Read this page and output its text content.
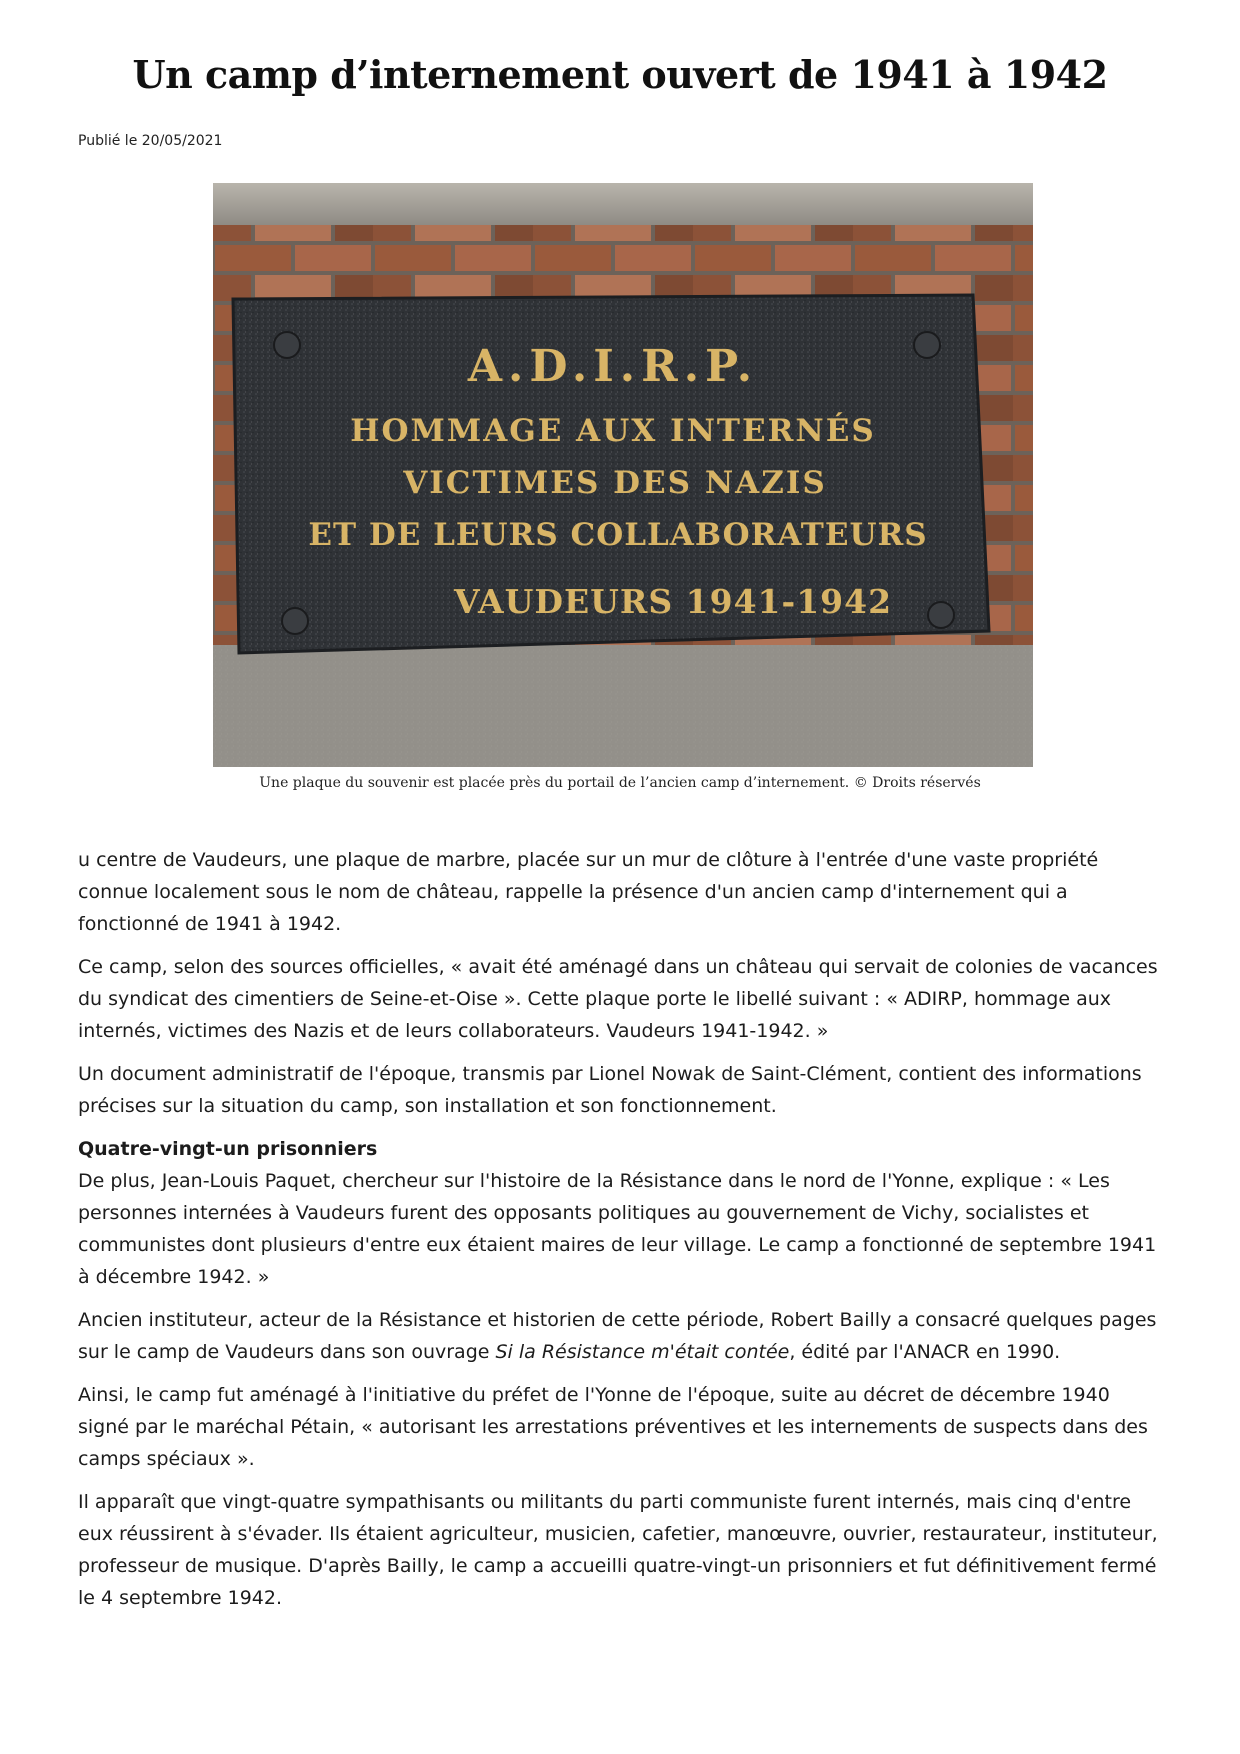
Un camp d’internement ouvert de 1941 à 1942
Publié le 20/05/2021
A.D.I.R.P.
HOMMAGE AUX INTERNÉS
VICTIMES DES NAZIS
ET DE LEURS COLLABORATEURS
VAUDEURS 1941-1942
Une plaque du souvenir est placée près du portail de l’ancien camp d’internement. © Droits réservés

u centre de Vaudeurs, une plaque de marbre, placée sur un mur de clôture à l'entrée d'une vaste propriété connue localement sous le nom de château, rappelle la présence d'un ancien camp d'internement qui a fonctionné de 1941 à 1942.

Ce camp, selon des sources officielles, « avait été aménagé dans un château qui servait de colonies de vacances du syndicat des cimentiers de Seine-et-Oise ». Cette plaque porte le libellé suivant : « ADIRP, hommage aux internés, victimes des Nazis et de leurs collaborateurs. Vaudeurs 1941-1942. »

Un document administratif de l'époque, transmis par Lionel Nowak de Saint-Clément, contient des informations précises sur la situation du camp, son installation et son fonctionnement.

Quatre-vingt-un prisonniers

De plus, Jean-Louis Paquet, chercheur sur l'histoire de la Résistance dans le nord de l'Yonne, explique : « Les personnes internées à Vaudeurs furent des opposants politiques au gouvernement de Vichy, socialistes et communistes dont plusieurs d'entre eux étaient maires de leur village. Le camp a fonctionné de septembre 1941 à décembre 1942. »

Ancien instituteur, acteur de la Résistance et historien de cette période, Robert Bailly a consacré quelques pages sur le camp de Vaudeurs dans son ouvrage Si la Résistance m'était contée, édité par l'ANACR en 1990.

Ainsi, le camp fut aménagé à l'initiative du préfet de l'Yonne de l'époque, suite au décret de décembre 1940 signé par le maréchal Pétain, « autorisant les arrestations préventives et les internements de suspects dans des camps spéciaux ».

Il apparaît que vingt-quatre sympathisants ou militants du parti communiste furent internés, mais cinq d'entre eux réussirent à s'évader. Ils étaient agriculteur, musicien, cafetier, manœuvre, ouvrier, restaurateur, instituteur, professeur de musique. D'après Bailly, le camp a accueilli quatre-vingt-un prisonniers et fut définitivement fermé le 4 septembre 1942.
